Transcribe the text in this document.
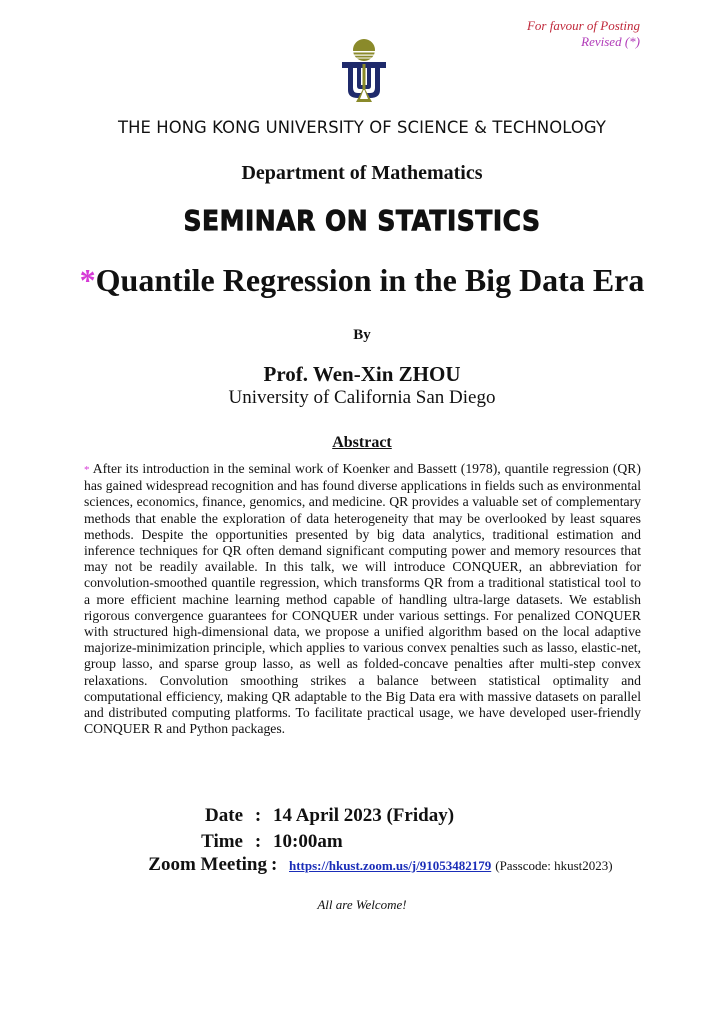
For favour of Posting
Revised (*)
THE HONG KONG UNIVERSITY OF SCIENCE & TECHNOLOGY
Department of Mathematics
SEMINAR ON STATISTICS
*Quantile Regression in the Big Data Era
By
Prof. Wen-Xin ZHOU
University of California San Diego
Abstract
* After its introduction in the seminal work of Koenker and Bassett (1978), quantile regression (QR) has gained widespread recognition and has found diverse applications in fields such as environmental sciences, economics, finance, genomics, and medicine. QR provides a valuable set of complementary methods that enable the exploration of data heterogeneity that may be overlooked by least squares methods. Despite the opportunities presented by big data analytics, traditional estimation and inference techniques for QR often demand significant computing power and memory resources that may not be readily available. In this talk, we will introduce CONQUER, an abbreviation for convolution-smoothed quantile regression, which transforms QR from a traditional statistical tool to a more efficient machine learning method capable of handling ultra-large datasets. We establish rigorous convergence guarantees for CONQUER under various settings. For penalized CONQUER with structured high-dimensional data, we propose a unified algorithm based on the local adaptive majorize-minimization principle, which applies to various convex penalties such as lasso, elastic-net, group lasso, and sparse group lasso, as well as folded-concave penalties after multi-step convex relaxations. Convolution smoothing strikes a balance between statistical optimality and computational efficiency, making QR adaptable to the Big Data era with massive datasets on parallel and distributed computing platforms. To facilitate practical usage, we have developed user-friendly CONQUER R and Python packages.
Date : 14 April 2023 (Friday)
Time : 10:00am
Zoom Meeting : https://hkust.zoom.us/j/91053482179 (Passcode: hkust2023)
All are Welcome!
